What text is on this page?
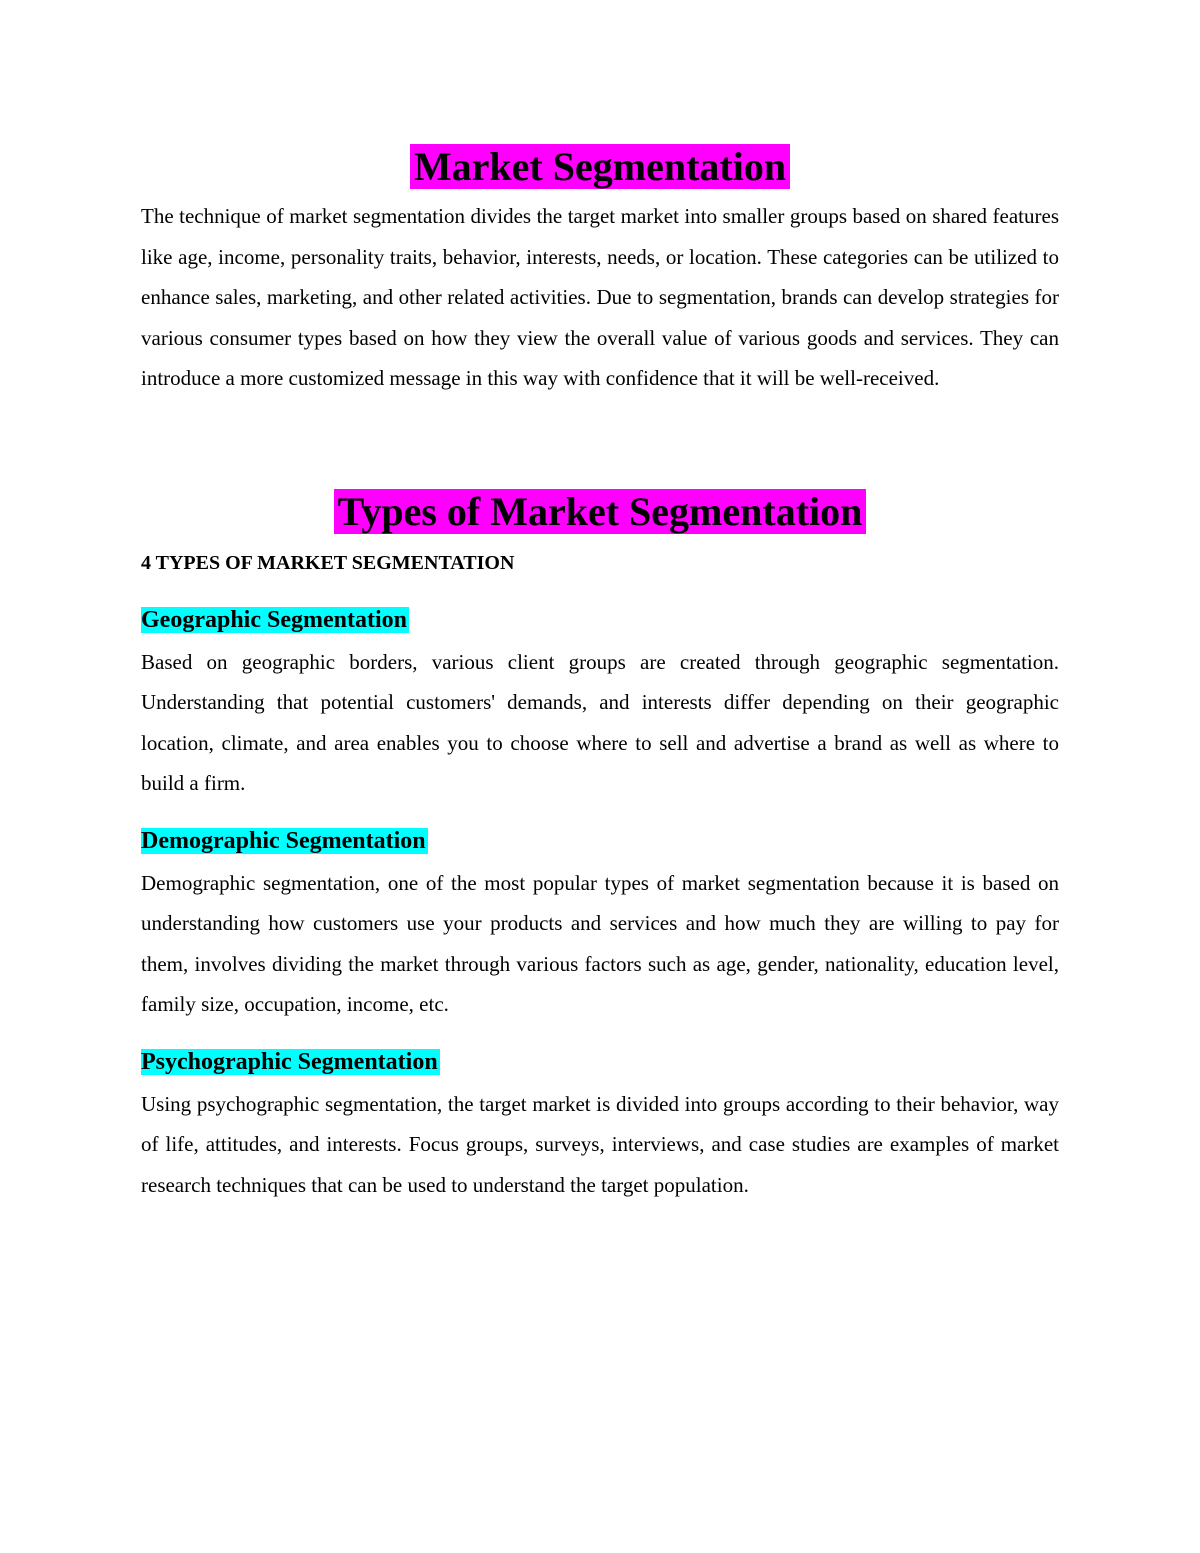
Market Segmentation

The technique of market segmentation divides the target market into smaller groups based on shared features like age, income, personality traits, behavior, interests, needs, or location. These categories can be utilized to enhance sales, marketing, and other related activities. Due to segmentation, brands can develop strategies for various consumer types based on how they view the overall value of various goods and services. They can introduce a more customized message in this way with confidence that it will be well-received.

Types of Market Segmentation

4 TYPES OF MARKET SEGMENTATION

Geographic Segmentation

Based on geographic borders, various client groups are created through geographic segmentation. Understanding that potential customers' demands, and interests differ depending on their geographic location, climate, and area enables you to choose where to sell and advertise a brand as well as where to build a firm.

Demographic Segmentation

Demographic segmentation, one of the most popular types of market segmentation because it is based on understanding how customers use your products and services and how much they are willing to pay for them, involves dividing the market through various factors such as age, gender, nationality, education level, family size, occupation, income, etc.

Psychographic Segmentation

Using psychographic segmentation, the target market is divided into groups according to their behavior, way of life, attitudes, and interests. Focus groups, surveys, interviews, and case studies are examples of market research techniques that can be used to understand the target population.
